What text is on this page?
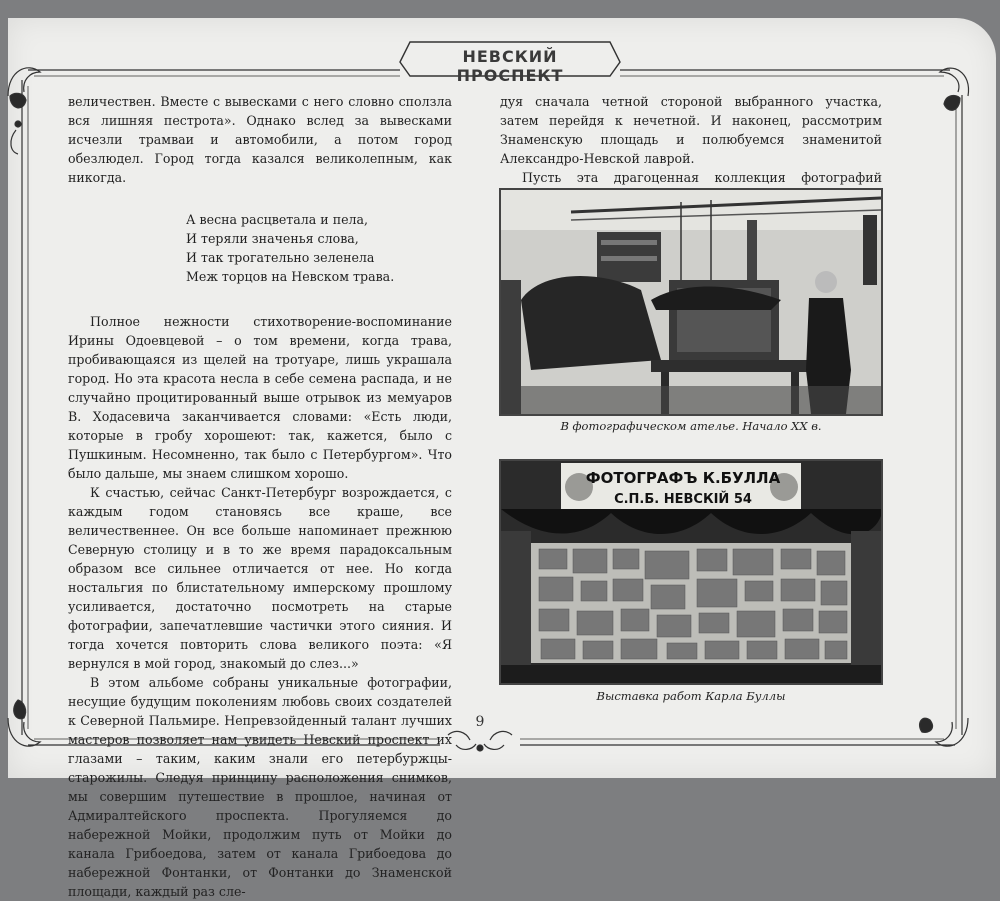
НЕВСКИЙ ПРОСПЕКТ

величествен. Вместе с вывесками с него словно сползла вся лишняя пестрота». Однако вслед за вывесками исчезли трамваи и автомобили, а потом город обезлюдел. Город тогда казался великолепным, как никогда.

А весна расцветала и пела,
И теряли значенья слова,
И так трогательно зеленела
Меж торцов на Невском трава.

Полное нежности стихотворение-воспоминание Ирины Одоевцевой – о том времени, когда трава, пробивающаяся из щелей на тротуаре, лишь украшала город. Но эта красота несла в себе семена распада, и не случайно процитированный выше отрывок из мемуаров В. Ходасевича заканчивается словами: «Есть люди, которые в гробу хорошеют: так, кажется, было с Пушкиным. Несомненно, так было с Петербургом». Что было дальше, мы знаем слишком хорошо.

К счастью, сейчас Санкт-Петербург возрождается, с каждым годом становясь все краше, все величественнее. Он все больше напоминает прежнюю Северную столицу и в то же время парадоксальным образом все сильнее отличается от нее. Но когда ностальгия по блистательному имперскому прошлому усиливается, достаточно посмотреть на старые фотографии, запечатлевшие частички этого сияния. И тогда хочется повторить слова великого поэта: «Я вернулся в мой город, знакомый до слез...»

В этом альбоме собраны уникальные фотографии, несущие будущим поколениям любовь своих создателей к Северной Пальмире. Непревзойденный талант лучших мастеров позволяет нам увидеть Невский проспект их глазами – таким, каким знали его петербуржцы-старожилы. Следуя принципу расположения снимков, мы совершим путешествие в прошлое, начиная от Адмиралтейского проспекта. Прогуляемся до набережной Мойки, продолжим путь от Мойки до канала Грибоедова, затем от канала Грибоедова до набережной Фонтанки, от Фонтанки до Знаменской площади, каждый раз сле-

дуя сначала четной стороной выбранного участка, затем перейдя к нечетной. И наконец, рассмотрим Знаменскую площадь и полюбуемся знаменитой Александро-Невской лаврой.

Пусть эта драгоценная коллекция фотографий

В фотографическом ателье. Начало XX в.
ФОТОГРАФЪ К.БУЛЛА
С.П.Б. НЕВСКIЙ 54
Выставка работ Карла Буллы
9
